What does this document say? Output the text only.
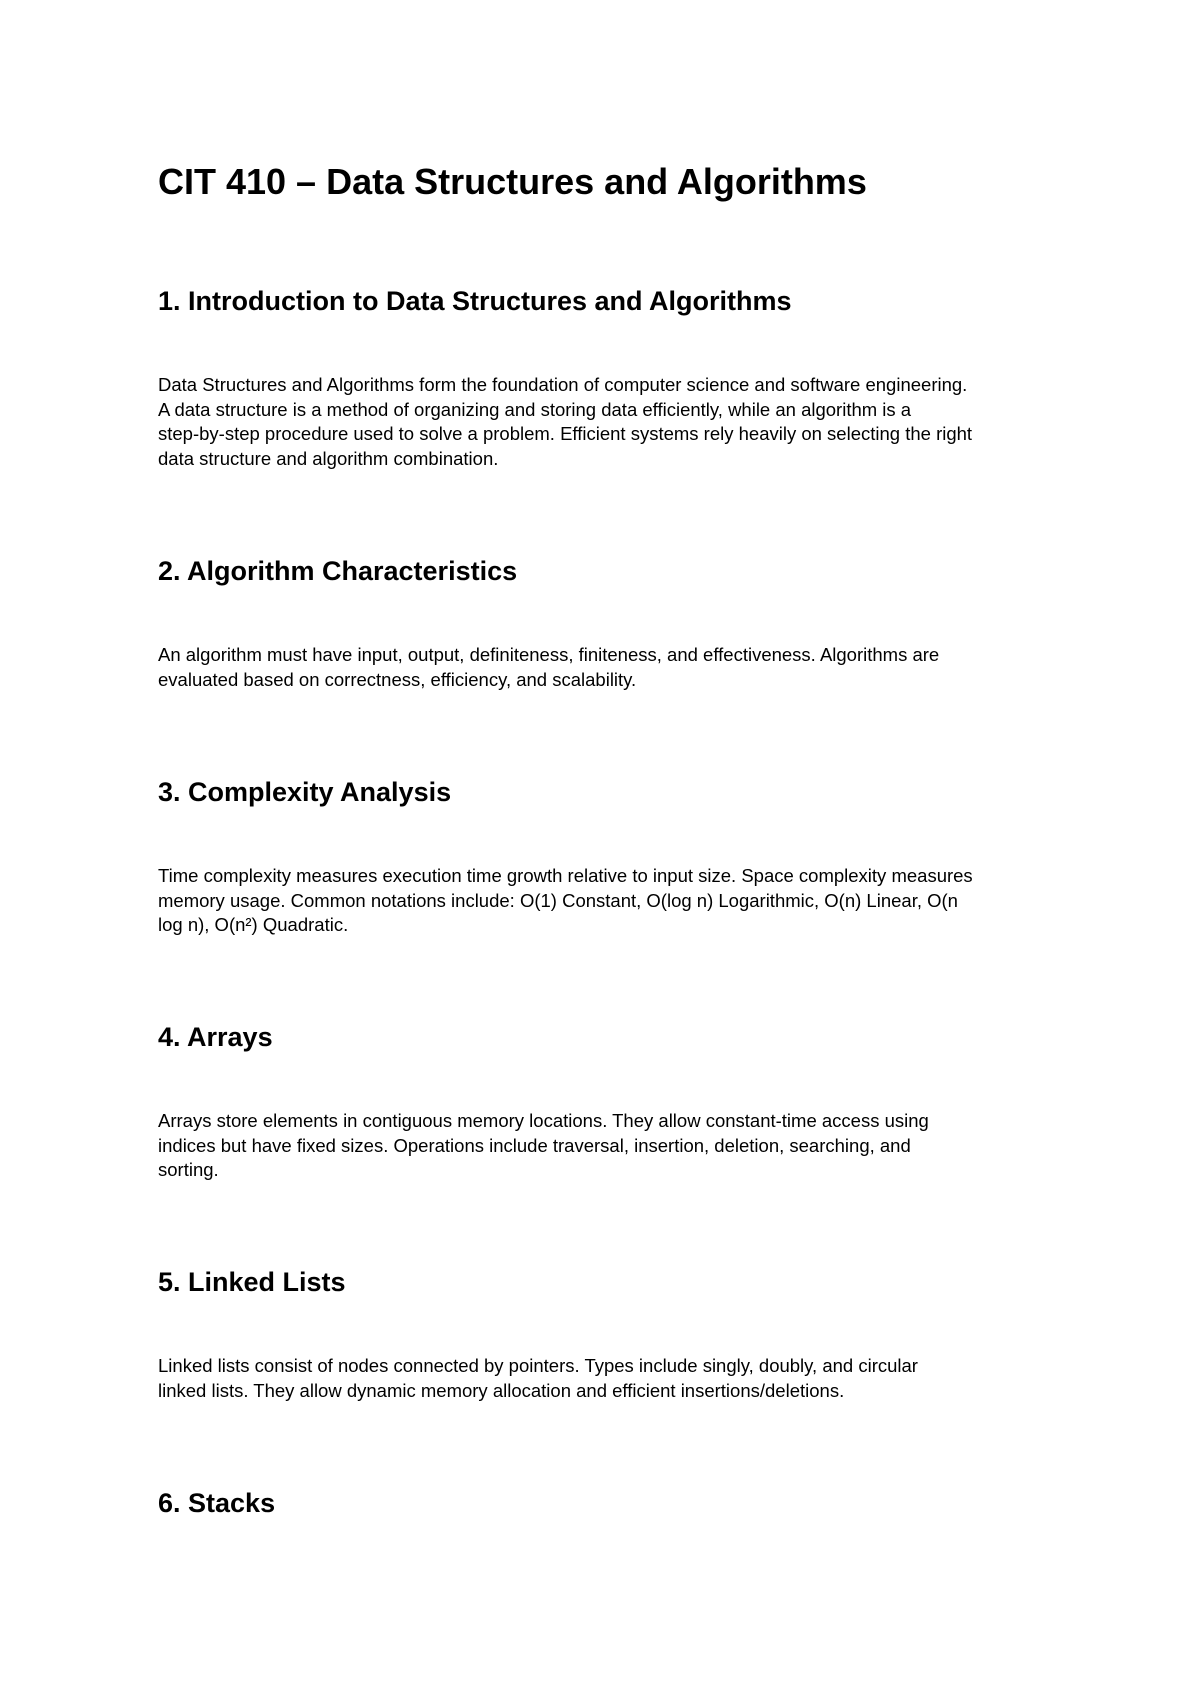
CIT 410 – Data Structures and Algorithms
1. Introduction to Data Structures and Algorithms

Data Structures and Algorithms form the foundation of computer science and software engineering.
A data structure is a method of organizing and storing data efficiently, while an algorithm is a
step-by-step procedure used to solve a problem. Efficient systems rely heavily on selecting the right
data structure and algorithm combination.

2. Algorithm Characteristics

An algorithm must have input, output, definiteness, finiteness, and effectiveness. Algorithms are
evaluated based on correctness, efficiency, and scalability.

3. Complexity Analysis

Time complexity measures execution time growth relative to input size. Space complexity measures
memory usage. Common notations include: O(1) Constant, O(log n) Logarithmic, O(n) Linear, O(n
log n), O(n²) Quadratic.

4. Arrays

Arrays store elements in contiguous memory locations. They allow constant-time access using
indices but have fixed sizes. Operations include traversal, insertion, deletion, searching, and
sorting.

5. Linked Lists

Linked lists consist of nodes connected by pointers. Types include singly, doubly, and circular
linked lists. They allow dynamic memory allocation and efficient insertions/deletions.

6. Stacks
